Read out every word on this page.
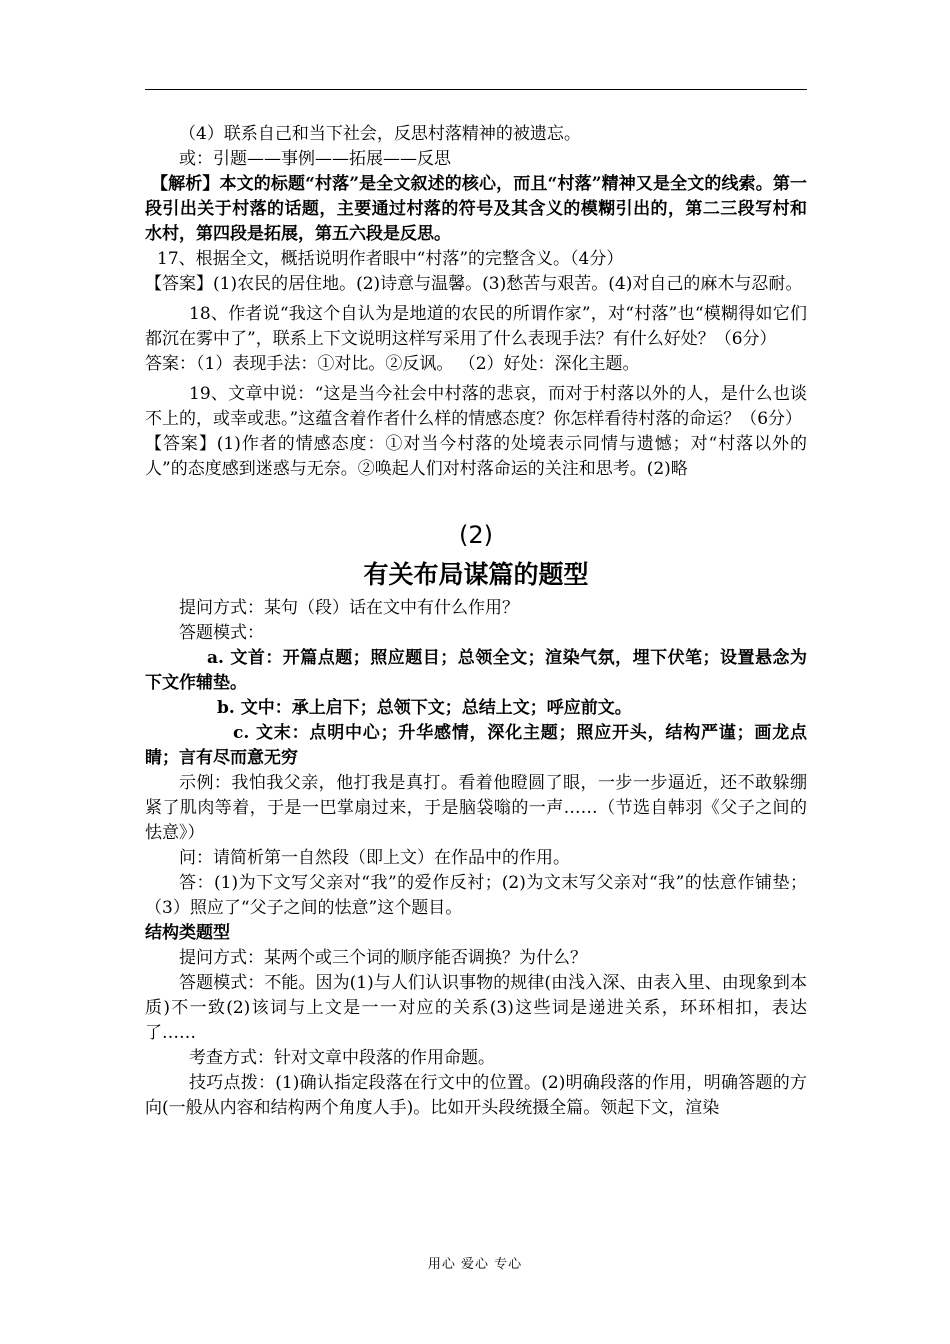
（4）联系自己和当下社会，反思村落精神的被遗忘。
或：引题——事例——拓展——反思
【解析】本文的标题“村落”是全文叙述的核心，而且“村落”精神又是全文的线索。第一段引出关于村落的话题，主要通过村落的符号及其含义的模糊引出的，第二三段写村和水村，第四段是拓展，第五六段是反思。
17、根据全文，概括说明作者眼中“村落”的完整含义。（4分）
【答案】(1)农民的居住地。(2)诗意与温馨。(3)愁苦与艰苦。(4)对自己的麻木与忍耐。
18、作者说“我这个自认为是地道的农民的所谓作家”，对“村落”也“模糊得如它们都沉在雾中了”，联系上下文说明这样写采用了什么表现手法？有什么好处？（6分）
答案：（1）表现手法：①对比。②反讽。 （2）好处：深化主题。
19、文章中说：“这是当今社会中村落的悲哀，而对于村落以外的人，是什么也谈不上的，或幸或悲。”这蕴含着作者什么样的情感态度？你怎样看待村落的命运？（6分）
【答案】(1)作者的情感态度：①对当今村落的处境表示同情与遗憾；对“村落以外的人”的态度感到迷惑与无奈。②唤起人们对村落命运的关注和思考。(2)略
(2)
有关布局谋篇的题型
提问方式：某句（段）话在文中有什么作用？
答题模式：
a. 文首：开篇点题；照应题目；总领全文；渲染气氛，埋下伏笔；设置悬念为下文作辅垫。
b. 文中：承上启下；总领下文；总结上文；呼应前文。
c. 文末：点明中心；升华感情，深化主题；照应开头，结构严谨；画龙点睛；言有尽而意无穷
示例：我怕我父亲，他打我是真打。看着他瞪圆了眼，一步一步逼近，还不敢躲绷紧了肌肉等着，于是一巴掌扇过来，于是脑袋嗡的一声……（节选自韩羽《父子之间的怯意》）
问：请简析第一自然段（即上文）在作品中的作用。
答：(1)为下文写父亲对“我”的爱作反衬；(2)为文末写父亲对“我”的怯意作铺垫；（3）照应了“父子之间的怯意”这个题目。
结构类题型
提问方式：某两个或三个词的顺序能否调换？为什么？
答题模式：不能。因为(1)与人们认识事物的规律(由浅入深、由表入里、由现象到本质)不一致(2)该词与上文是一一对应的关系(3)这些词是递进关系，环环相扣，表达了……
考查方式：针对文章中段落的作用命题。
技巧点拨：(1)确认指定段落在行文中的位置。(2)明确段落的作用，明确答题的方向(一般从内容和结构两个角度人手)。比如开头段统摄全篇。领起下文，渲染
用心 爱心 专心
